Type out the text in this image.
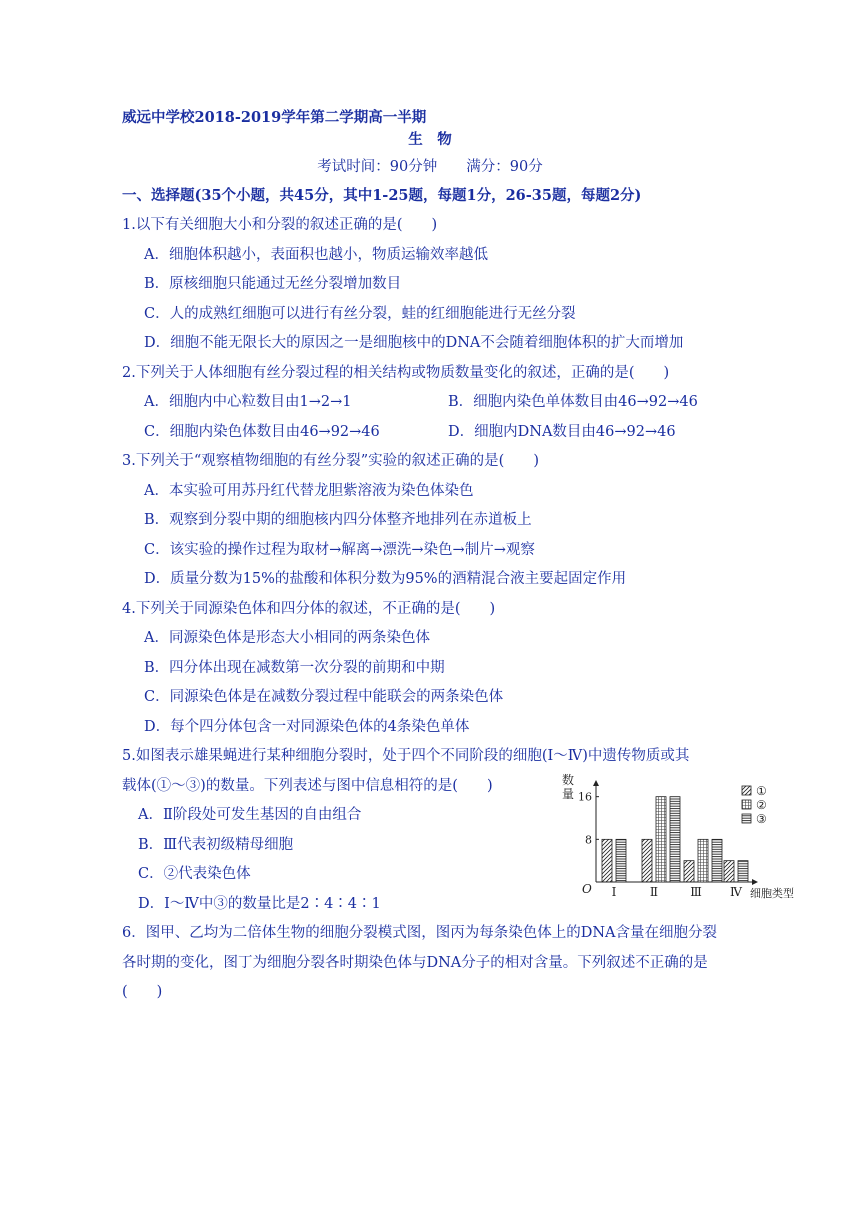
威远中学校2018-2019学年第二学期高一半期
生　物
考试时间：90分钟　　满分：90分
一、选择题(35个小题，共45分，其中1-25题，每题1分，26-35题，每题2分)
1.以下有关细胞大小和分裂的叙述正确的是(　　)
A．细胞体积越小，表面积也越小，物质运输效率越低
B．原核细胞只能通过无丝分裂增加数目
C．人的成熟红细胞可以进行有丝分裂，蛙的红细胞能进行无丝分裂
D．细胞不能无限长大的原因之一是细胞核中的DNA不会随着细胞体积的扩大而增加
2.下列关于人体细胞有丝分裂过程的相关结构或物质数量变化的叙述，正确的是(　　)
A．细胞内中心粒数目由1→2→1	B．细胞内染色单体数目由46→92→46
C．细胞内染色体数目由46→92→46	D．细胞内DNA数目由46→92→46
3.下列关于“观察植物细胞的有丝分裂”实验的叙述正确的是(　　)
A．本实验可用苏丹红代替龙胆紫溶液为染色体染色
B．观察到分裂中期的细胞核内四分体整齐地排列在赤道板上
C．该实验的操作过程为取材→解离→漂洗→染色→制片→观察
D．质量分数为15%的盐酸和体积分数为95%的酒精混合液主要起固定作用
4.下列关于同源染色体和四分体的叙述，不正确的是(　　)
A．同源染色体是形态大小相同的两条染色体
B．四分体出现在减数第一次分裂的前期和中期
C．同源染色体是在减数分裂过程中能联会的两条染色体
D．每个四分体包含一对同源染色体的4条染色单体
5.如图表示雄果蝇进行某种细胞分裂时，处于四个不同阶段的细胞(Ⅰ～Ⅳ)中遗传物质或其
载体(①～③)的数量。下列表述与图中信息相符的是(　　)
A．Ⅱ阶段处可发生基因的自由组合
B．Ⅲ代表初级精母细胞
C．②代表染色体
D．Ⅰ～Ⅳ中③的数量比是2∶4∶4∶1
6．图甲、乙均为二倍体生物的细胞分裂模式图，图丙为每条染色体上的DNA含量在细胞分裂
各时期的变化，图丁为细胞分裂各时期染色体与DNA分子的相对含量。下列叙述不正确的是
(　　)
数
量
8
16
O	细胞类型
Ⅰ	Ⅱ	Ⅲ Ⅳ
①
②
③
